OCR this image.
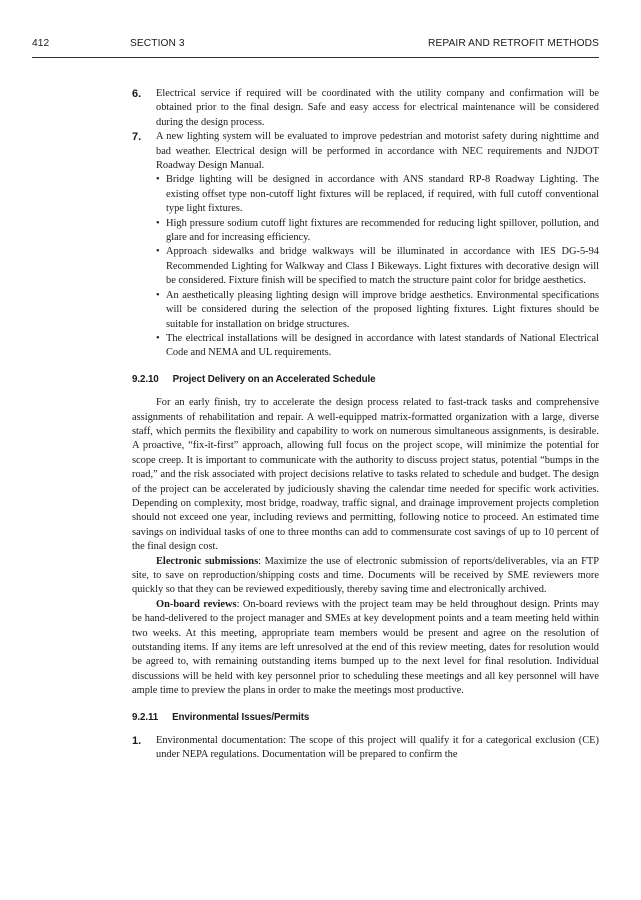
412	SECTION 3	REPAIR AND RETROFIT METHODS
6. Electrical service if required will be coordinated with the utility company and confirmation will be obtained prior to the final design. Safe and easy access for electrical maintenance will be considered during the design process.

7. A new lighting system will be evaluated to improve pedestrian and motorist safety during nighttime and bad weather. Electrical design will be performed in accordance with NEC requirements and NJDOT Roadway Design Manual.

• Bridge lighting will be designed in accordance with ANS standard RP-8 Roadway Lighting. The existing offset type non-cutoff light fixtures will be replaced, if required, with full cutoff conventional type light fixtures.
• High pressure sodium cutoff light fixtures are recommended for reducing light spillover, pollution, and glare and for increasing efficiency.
• Approach sidewalks and bridge walkways will be illuminated in accordance with IES DG-5-94 Recommended Lighting for Walkway and Class I Bikeways. Light fixtures with decorative design will be considered. Fixture finish will be specified to match the structure paint color for bridge aesthetics.
• An aesthetically pleasing lighting design will improve bridge aesthetics. Environmental specifications will be considered during the selection of the proposed lighting fixtures. Light fixtures should be suitable for installation on bridge structures.
• The electrical installations will be designed in accordance with latest standards of National Electrical Code and NEMA and UL requirements.
9.2.10 Project Delivery on an Accelerated Schedule

For an early finish, try to accelerate the design process related to fast-track tasks and comprehensive assignments of rehabilitation and repair. A well-equipped matrix-formatted organization with a large, diverse staff, which permits the flexibility and capability to work on numerous simultaneous assignments, is desirable. A proactive, “fix-it-first” approach, allowing full focus on the project scope, will minimize the potential for scope creep. It is important to communicate with the authority to discuss project status, potential “bumps in the road,” and the risk associated with project decisions relative to tasks related to schedule and budget. The design of the project can be accelerated by judiciously shaving the calendar time needed for specific work activities. Depending on complexity, most bridge, roadway, traffic signal, and drainage improvement projects completion should not exceed one year, including reviews and permitting, following notice to proceed. An estimated time savings on individual tasks of one to three months can add to commensurate cost savings of up to 10 percent of the final design cost.

Electronic submissions: Maximize the use of electronic submission of reports/deliverables, via an FTP site, to save on reproduction/shipping costs and time. Documents will be received by SME reviewers more quickly so that they can be reviewed expeditiously, thereby saving time and electronically archived.

On-board reviews: On-board reviews with the project team may be held throughout design. Prints may be hand-delivered to the project manager and SMEs at key development points and a team meeting held within two weeks. At this meeting, appropriate team members would be present and agree on the resolution of outstanding items. If any items are left unresolved at the end of this review meeting, dates for resolution would be agreed to, with remaining outstanding items bumped up to the next level for final resolution. Individual discussions will be held with key personnel prior to scheduling these meetings and all key personnel will have ample time to preview the plans in order to make the meetings most productive.

9.2.11 Environmental Issues/Permits
1. Environmental documentation: The scope of this project will qualify it for a categorical exclusion (CE) under NEPA regulations. Documentation will be prepared to confirm the
